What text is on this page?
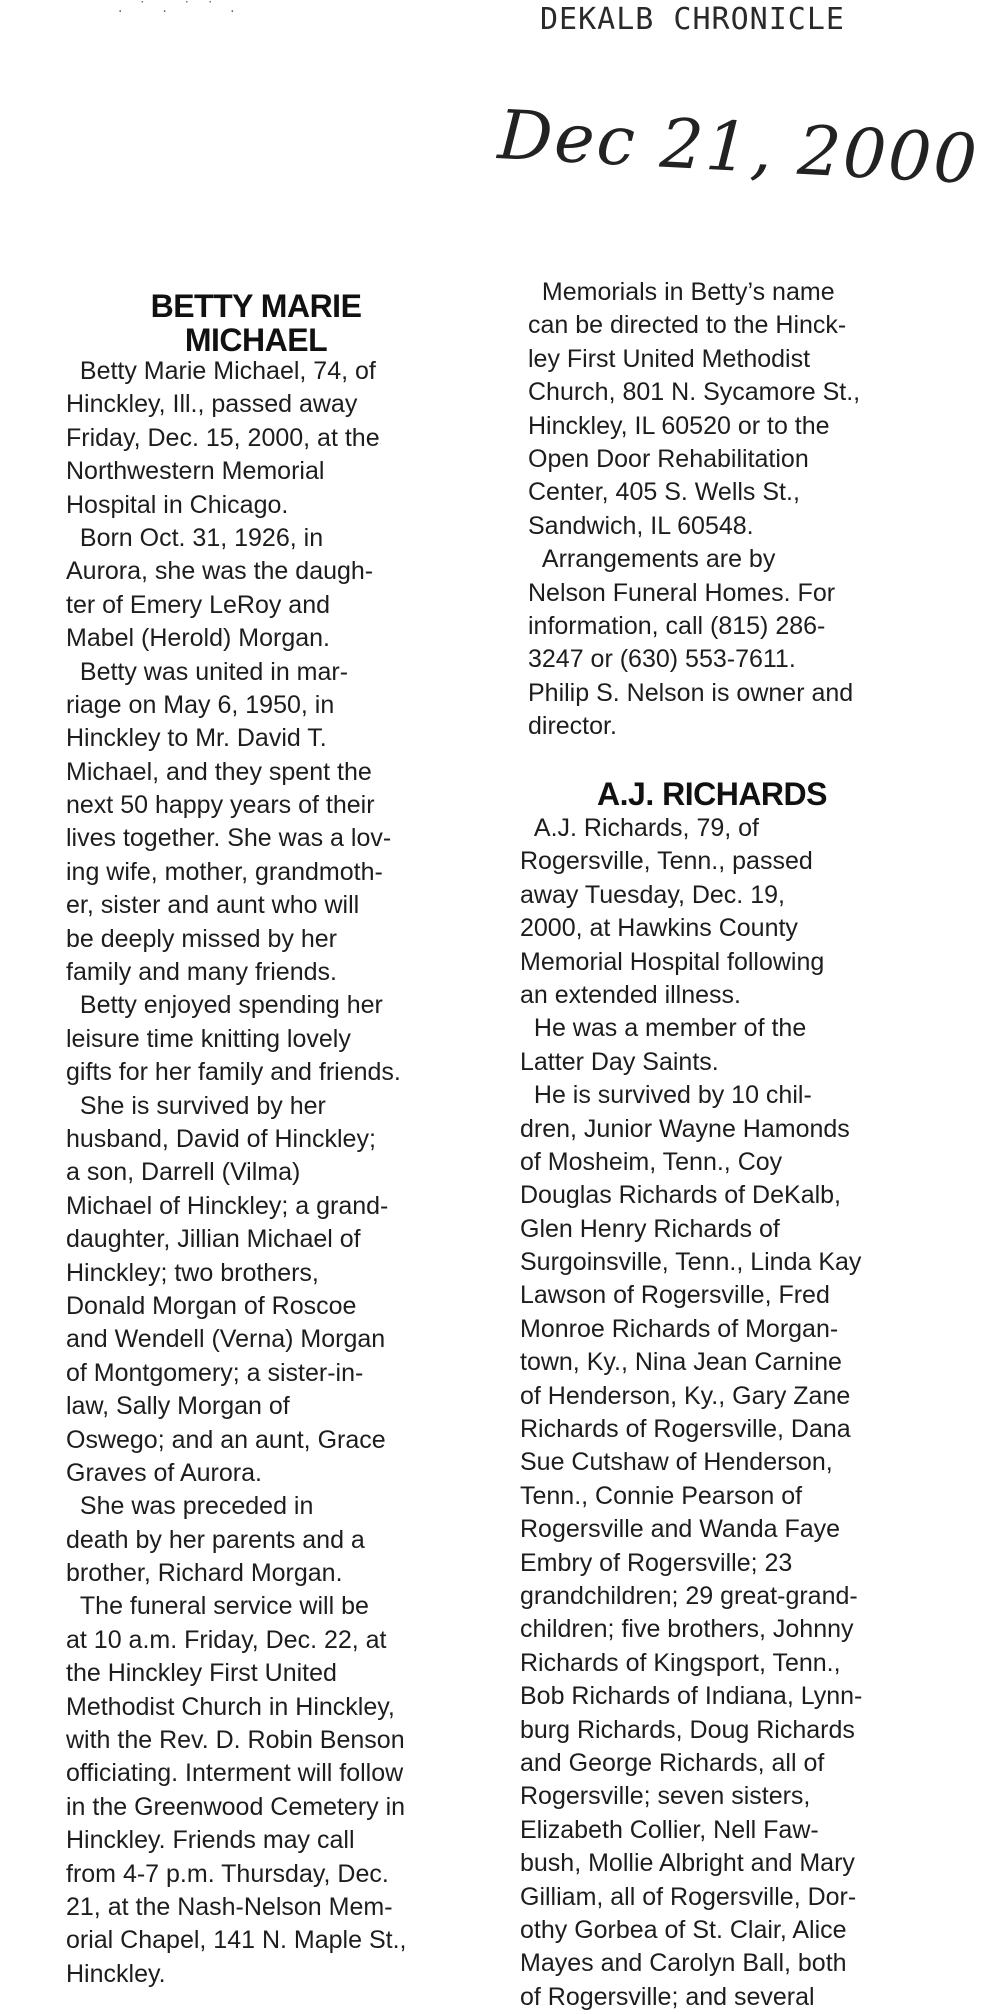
. ˙ . ˙ ˙ .	DEKALB CHRONICLE
Dec 21, 2000
BETTY MARIE
MICHAEL
Betty Marie Michael, 74, of
Hinckley, Ill., passed away
Friday, Dec. 15, 2000, at the
Northwestern Memorial
Hospital in Chicago.
Born Oct. 31, 1926, in
Aurora, she was the daugh-
ter of Emery LeRoy and
Mabel (Herold) Morgan.
Betty was united in mar-
riage on May 6, 1950, in
Hinckley to Mr. David T.
Michael, and they spent the
next 50 happy years of their
lives together. She was a lov-
ing wife, mother, grandmoth-
er, sister and aunt who will
be deeply missed by her
family and many friends.
Betty enjoyed spending her
leisure time knitting lovely
gifts for her family and friends.
She is survived by her
husband, David of Hinckley;
a son, Darrell (Vilma)
Michael of Hinckley; a grand-
daughter, Jillian Michael of
Hinckley; two brothers,
Donald Morgan of Roscoe
and Wendell (Verna) Morgan
of Montgomery; a sister-in-
law, Sally Morgan of
Oswego; and an aunt, Grace
Graves of Aurora.
She was preceded in
death by her parents and a
brother, Richard Morgan.
The funeral service will be
at 10 a.m. Friday, Dec. 22, at
the Hinckley First United
Methodist Church in Hinckley,
with the Rev. D. Robin Benson
officiating. Interment will follow
in the Greenwood Cemetery in
Hinckley. Friends may call
from 4-7 p.m. Thursday, Dec.
21, at the Nash-Nelson Mem-
orial Chapel, 141 N. Maple St.,
Hinckley.
Memorials in Betty’s name
can be directed to the Hinck-
ley First United Methodist
Church, 801 N. Sycamore St.,
Hinckley, IL 60520 or to the
Open Door Rehabilitation
Center, 405 S. Wells St.,
Sandwich, IL 60548.
Arrangements are by
Nelson Funeral Homes. For
information, call (815) 286-
3247 or (630) 553-7611.
Philip S. Nelson is owner and
director.
A.J. RICHARDS
A.J. Richards, 79, of
Rogersville, Tenn., passed
away Tuesday, Dec. 19,
2000, at Hawkins County
Memorial Hospital following
an extended illness.
He was a member of the
Latter Day Saints.
He is survived by 10 chil-
dren, Junior Wayne Hamonds
of Mosheim, Tenn., Coy
Douglas Richards of DeKalb,
Glen Henry Richards of
Surgoinsville, Tenn., Linda Kay
Lawson of Rogersville, Fred
Monroe Richards of Morgan-
town, Ky., Nina Jean Carnine
of Henderson, Ky., Gary Zane
Richards of Rogersville, Dana
Sue Cutshaw of Henderson,
Tenn., Connie Pearson of
Rogersville and Wanda Faye
Embry of Rogersville; 23
grandchildren; 29 great-grand-
children; five brothers, Johnny
Richards of Kingsport, Tenn.,
Bob Richards of Indiana, Lynn-
burg Richards, Doug Richards
and George Richards, all of
Rogersville; seven sisters,
Elizabeth Collier, Nell Faw-
bush, Mollie Albright and Mary
Gilliam, all of Rogersville, Dor-
othy Gorbea of St. Clair, Alice
Mayes and Carolyn Ball, both
of Rogersville; and several
